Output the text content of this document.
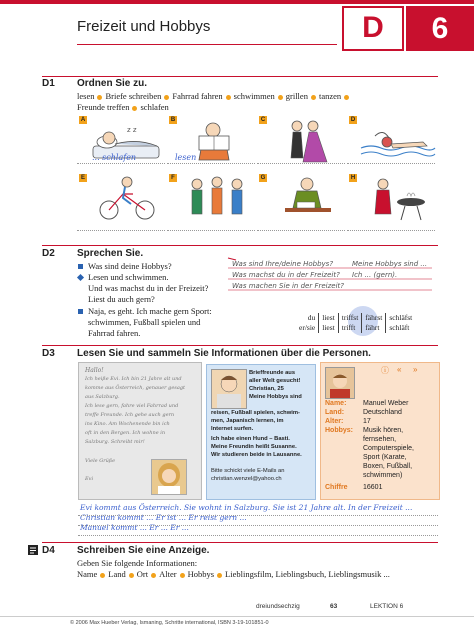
Freizeit und Hobbys	D	6
D1 Ordnen Sie zu.
lesen Briefe schreiben Fahrrad fahren schwimmen grillen tanzen
Freunde treffen schlafen
A
z z
B	C	D
... schlafen	lesen
E	F	G	H
D2 Sprechen Sie.
Was sind deine Hobbys?
Lesen und schwimmen.
Und was machst du in der Freizeit?
Liest du auch gern?
Naja, es geht. Ich mache gern Sport:
schwimmen, Fußball spielen und
Fahrrad fahren.
Was sind Ihre/deine Hobbys?	Meine Hobbys sind ...
Was machst du in der Freizeit? Ich ... (gern).
Was machen Sie in der Freizeit?
du	liest	triffst	fährst	schläfst
er/sie	liest	trifft	fährt	schläft
D3 Lesen Sie und sammeln Sie Informationen über die Personen.
Hallo!
Ich heiße Evi. Ich bin 21 Jahre alt und
komme aus Österreich, genauer gesagt
aus Salzburg.
Ich lese gern, fahre viel Fahrrad und
treffe Freunde. Ich gehe auch gern
ins Kino. Am Wochenende bin ich
oft in den Bergen. Ich wohne in
Salzburg. Schreibt mir!
Viele Grüße
Evi
Brieffreunde aus
aller Welt gesucht!
Christian, 25
Meine Hobbys sind
reisen, Fußball spielen, schwim-
men, Japanisch lernen, im
Internet surfen.
Ich habe einen Hund – Basti.
Meine Freundin heißt Susanne.
Wir studieren beide in Lausanne.
Bitte schickt viele E-Mails an
christian.wenzel@yahoo.ch
ⓘ « »
Name: Manuel Weber
Land:	Deutschland
Alter:	17
Hobbys: Musik hören,
fernsehen,
Computerspiele,
Sport (Karate,
Boxen, Fußball,
schwimmen)
Chiffre 16601
Evi kommt aus Österreich. Sie wohnt in Salzburg. Sie ist 21 Jahre alt. In der Freizeit ...
Christian kommt ... Er ist ... Er reist gern ...
Manuel kommt ... Er ... Er ...
D4 Schreiben Sie eine Anzeige.
Geben Sie folgende Informationen:
Name Land Ort Alter Hobbys Lieblingsfilm, Lieblingsbuch, Lieblingsmusik ...
dreiundsechzig	63	LEKTION 6
© 2006 Max Hueber Verlag, Ismaning, Schritte international, ISBN 3-19-101851-0
